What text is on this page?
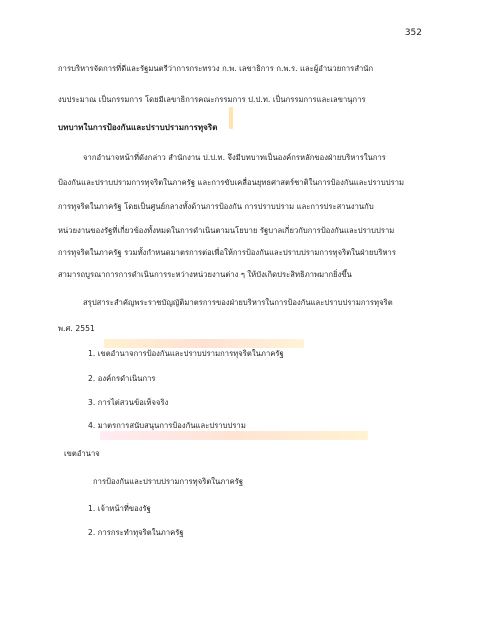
352
การบริหารจัดการที่ดีและรัฐมนตรีว่าการกระทรวง ก.พ. เลขาธิการ ก.พ.ร. และผู้อำนวยการสำนัก
งบประมาณ เป็นกรรมการ โดยมีเลขาธิการคณะกรรมการ ป.ป.ท. เป็นกรรมการและเลขานุการ
บทบาทในการป้องกันและปราบปรามการทุจริต
จากอำนาจหน้าที่ดังกล่าว สำนักงาน ป.ป.ท. จึงมีบทบาทเป็นองค์กรหลักของฝ่ายบริหารในการ
ป้องกันและปราบปรามการทุจริตในภาครัฐ และการขับเคลื่อนยุทธศาสตร์ชาติในการป้องกันและปราบปราม
การทุจริตในภาครัฐ โดยเป็นศูนย์กลางทั้งด้านการป้องกัน การปราบปราม และการประสานงานกับ
หน่วยงานของรัฐที่เกี่ยวข้องทั้งหมดในการดำเนินตามนโยบาย รัฐบาลเกี่ยวกับการป้องกันและปราบปราม
การทุจริตในภาครัฐ รวมทั้งกำหนดมาตรการต่อเพื่อให้การป้องกันและปราบปรามการทุจริตในฝ่ายบริหาร
สามารถบูรณาการการดำเนินการระหว่างหน่วยงานต่าง ๆ ให้บังเกิดประสิทธิภาพมากยิ่งขึ้น
สรุปสาระสำคัญพระราชบัญญัติมาตรการของฝ่ายบริหารในการป้องกันและปราบปรามการทุจริต
พ.ศ. 2551
1. เขตอำนาจการป้องกันและปราบปรามการทุจริตในภาครัฐ
2. องค์กรดำเนินการ
3. การไต่สวนข้อเท็จจริง
4. มาตรการสนับสนุนการป้องกันและปราบปราม
เขตอำนาจ
การป้องกันและปราบปรามการทุจริตในภาครัฐ
1. เจ้าหน้าที่ของรัฐ
2. การกระทำทุจริตในภาครัฐ
